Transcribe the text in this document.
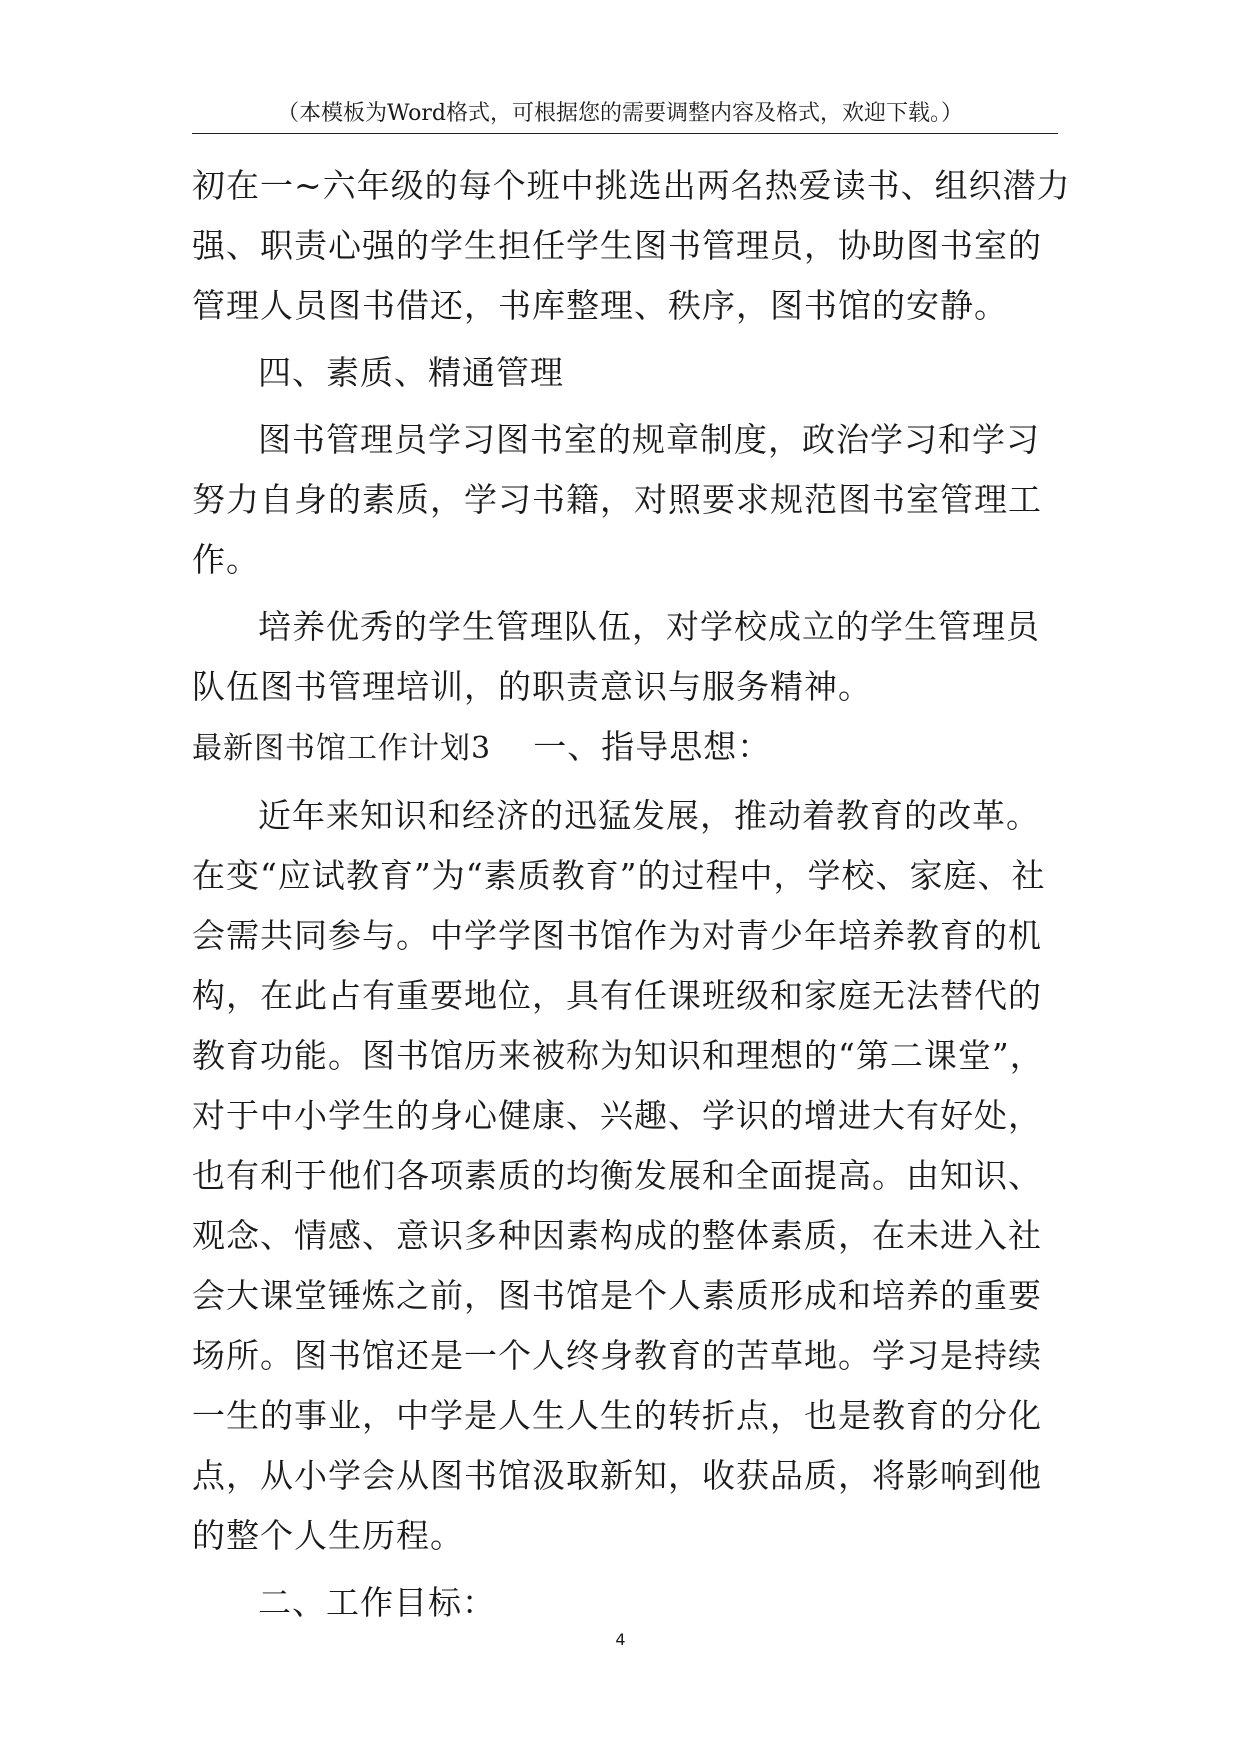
（本模板为Word格式，可根据您的需要调整内容及格式，欢迎下载。）

初在一~六年级的每个班中挑选出两名热爱读书、组织潜力强、职责心强的学生担任学生图书管理员，协助图书室的管理人员图书借还，书库整理、秩序，图书馆的安静。

四、素质、精通管理

图书管理员学习图书室的规章制度，政治学习和学习努力自身的素质，学习书籍，对照要求规范图书室管理工作。

培养优秀的学生管理队伍，对学校成立的学生管理员队伍图书管理培训，的职责意识与服务精神。

最新图书馆工作计划3 一、指导思想：

近年来知识和经济的迅猛发展，推动着教育的改革。在变“应试教育”为“素质教育”的过程中，学校、家庭、社会需共同参与。中学学图书馆作为对青少年培养教育的机构，在此占有重要地位，具有任课班级和家庭无法替代的教育功能。图书馆历来被称为知识和理想的“第二课堂”，对于中小学生的身心健康、兴趣、学识的增进大有好处，也有利于他们各项素质的均衡发展和全面提高。由知识、观念、情感、意识多种因素构成的整体素质，在未进入社会大课堂锤炼之前，图书馆是个人素质形成和培养的重要场所。图书馆还是一个人终身教育的苦草地。学习是持续一生的事业，中学是人生人生的转折点，也是教育的分化点，从小学会从图书馆汲取新知，收获品质，将影响到他的整个人生历程。

二、工作目标：

4
